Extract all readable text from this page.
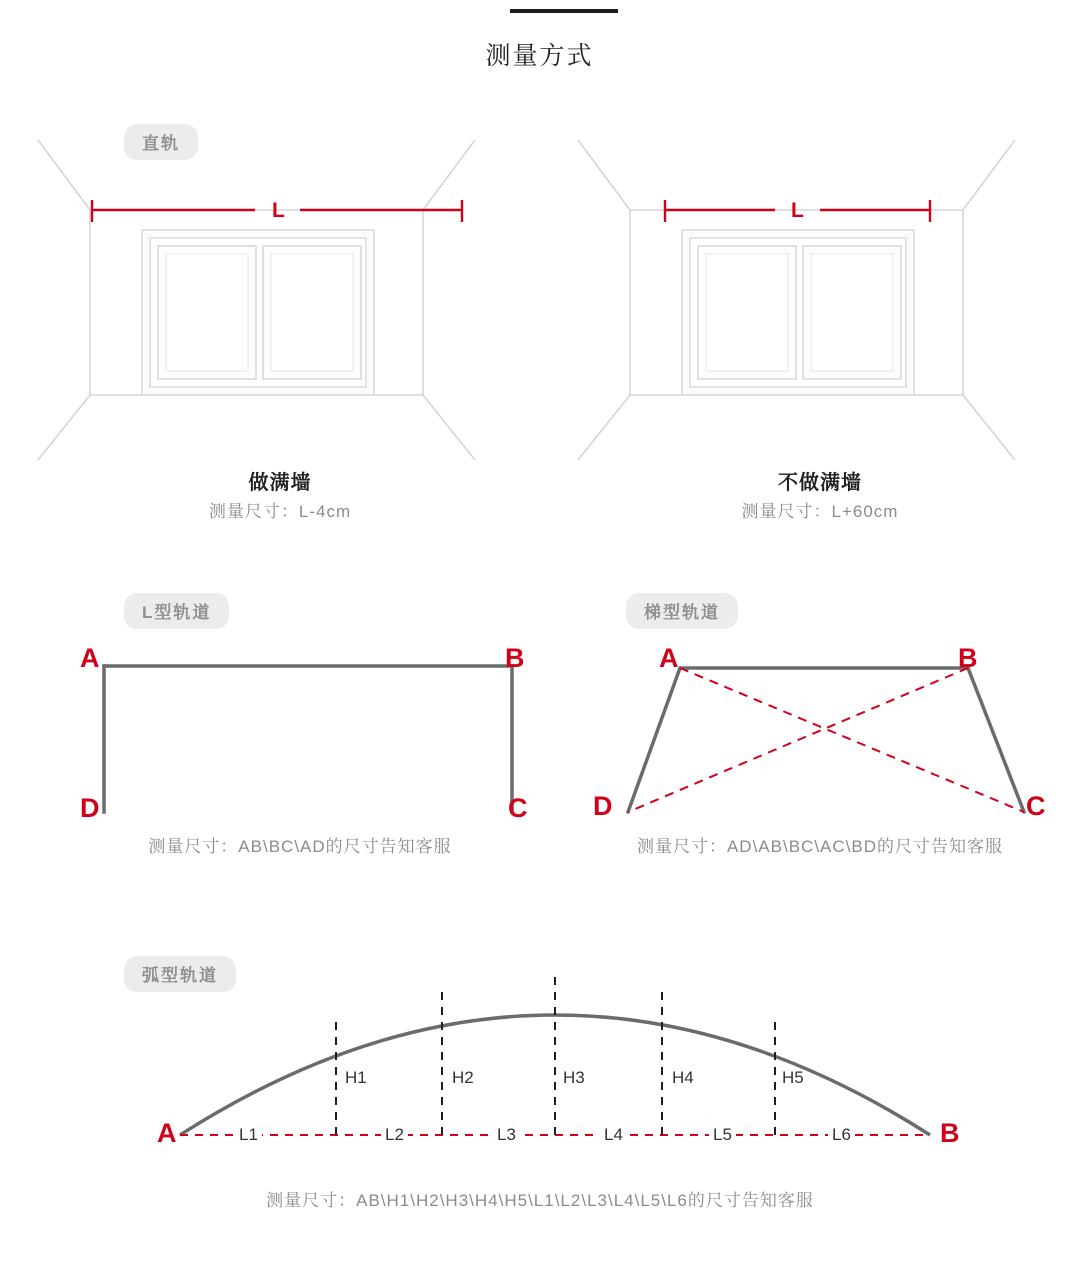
测量方式
直轨
L
做满墙
测量尺寸：L-4cm
L
不做满墙
测量尺寸：L+60cm
L型轨道
A	B
C
D
测量尺寸：AB\BC\AD的尺寸告知客服
梯型轨道
A	B
C
D
测量尺寸：AD\AB\BC\AC\BD的尺寸告知客服
弧型轨道
A	B
H1	H2	H3	H4	H5
L1	L2	L3	L4	L5	L6
测量尺寸：AB\H1\H2\H3\H4\H5\L1\L2\L3\L4\L5\L6的尺寸告知客服
